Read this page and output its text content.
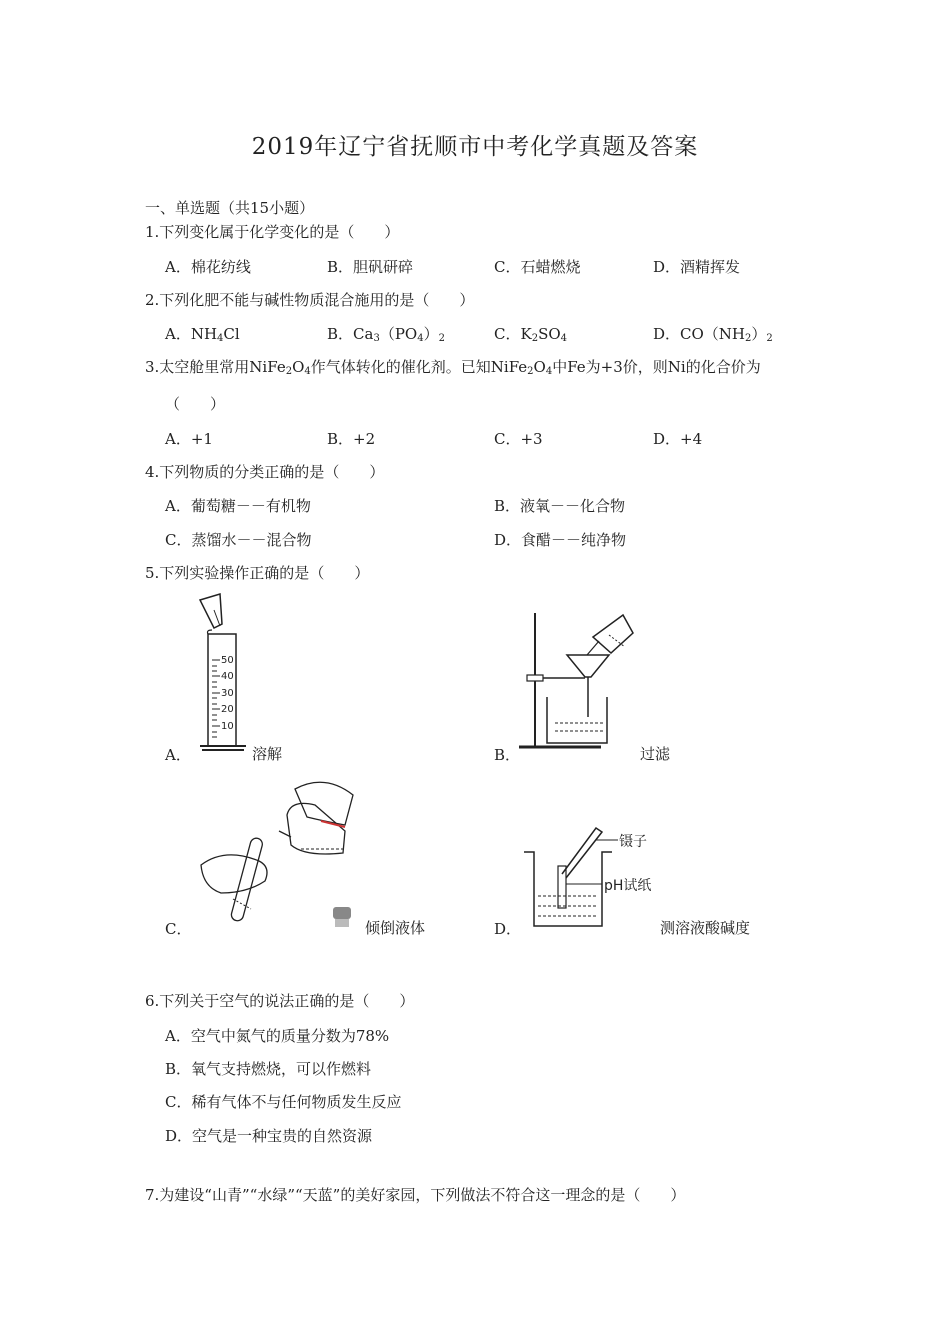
2019年辽宁省抚顺市中考化学真题及答案
一、单选题（共15小题）
1.下列变化属于化学变化的是（　　）
A．棉花纺线	B．胆矾研碎	C．石蜡燃烧	D．酒精挥发
2.下列化肥不能与碱性物质混合施用的是（　　）
A．$NH_4Cl$	B．$Ca_3(PO_4)_2$	C．$K_2SO_4$	D．$CO(NH_2)_2$
3.太空舱里常用$NiFe_2O_4$作气体转化的催化剂。已知$NiFe_2O_4$中Fe为+3价，则Ni的化合价为
（　　）
A．+1	B．+2	C．+3	D．+4
4.下列物质的分类正确的是（　　）
A．葡萄糖－－有机物	B．液氧－－化合物
C．蒸馏水－－混合物	D．食醋－－纯净物
5.下列实验操作正确的是（　　）
50
40
30
20
10
A．	溶解	B．	过滤
C．	倾倒液体
镊子
pH试纸
D．	测溶液酸碱度
6.下列关于空气的说法正确的是（　　）
A．空气中氮气的质量分数为78%
B．氧气支持燃烧，可以作燃料
C．稀有气体不与任何物质发生反应
D．空气是一种宝贵的自然资源
7.为建设“山青”“水绿”“天蓝”的美好家园，下列做法不符合这一理念的是（　　）
